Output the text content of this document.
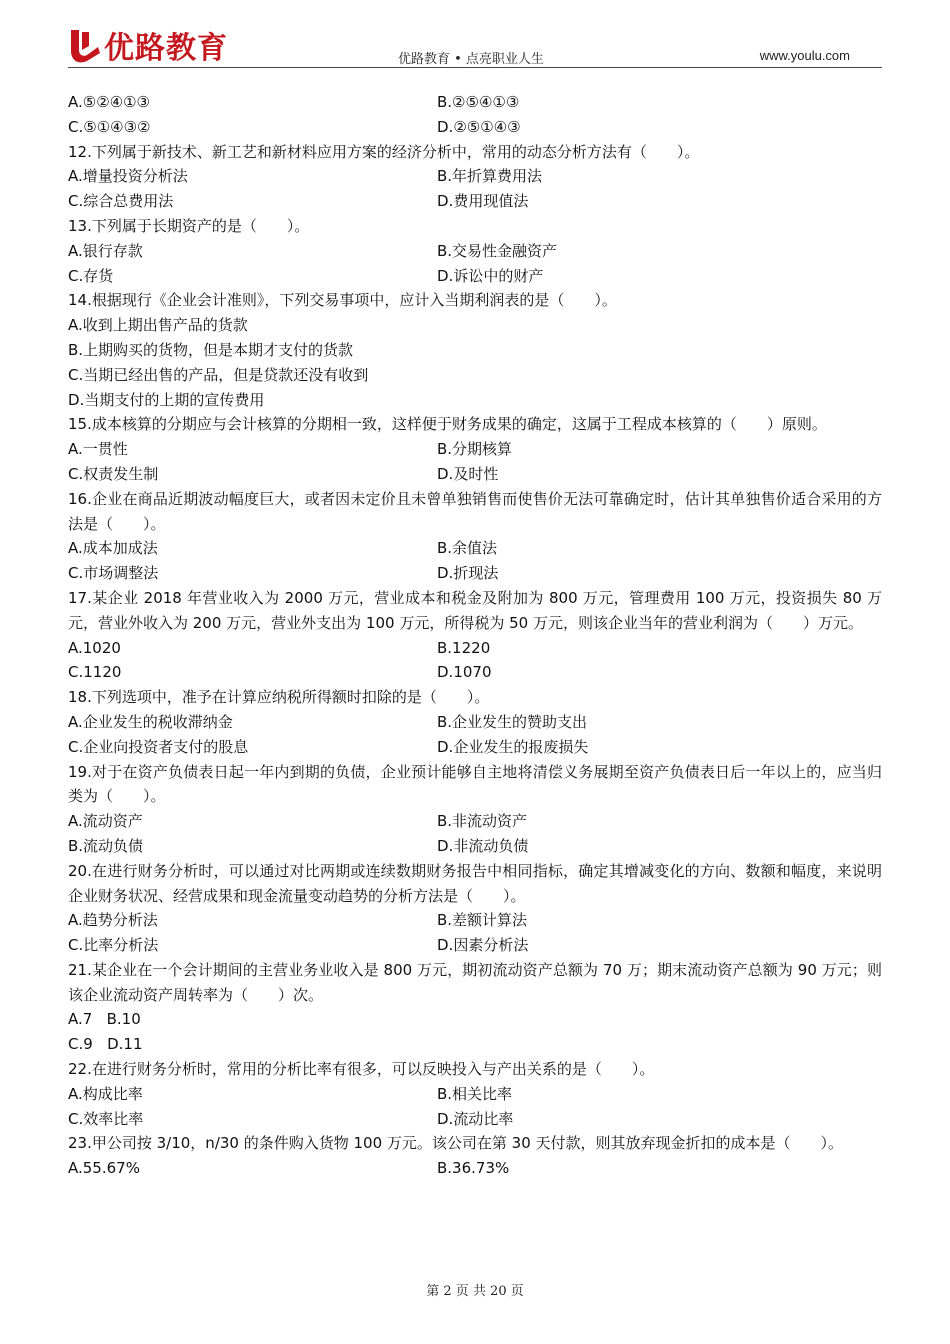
优路教育	优路教育 • 点亮职业人生	www.youlu.com
A.⑤②④①③	B.②⑤④①③
C.⑤①④③②	D.②⑤①④③
12.下列属于新技术、新工艺和新材料应用方案的经济分析中，常用的动态分析方法有（　　）。
A.增量投资分析法	B.年折算费用法
C.综合总费用法	D.费用现值法
13.下列属于长期资产的是（　　）。
A.银行存款	B.交易性金融资产
C.存货	D.诉讼中的财产
14.根据现行《企业会计准则》，下列交易事项中，应计入当期利润表的是（　　）。
A.收到上期出售产品的货款
B.上期购买的货物，但是本期才支付的货款
C.当期已经出售的产品，但是贷款还没有收到
D.当期支付的上期的宣传费用
15.成本核算的分期应与会计核算的分期相一致，这样便于财务成果的确定，这属于工程成本核算的（　　）原则。
A.一贯性	B.分期核算
C.权责发生制	D.及时性
16.企业在商品近期波动幅度巨大，或者因未定价且未曾单独销售而使售价无法可靠确定时，估计其单独售价适合采用的方法是（　　）。
A.成本加成法	B.余值法
C.市场调整法	D.折现法
17.某企业 2018 年营业收入为 2000 万元，营业成本和税金及附加为 800 万元，管理费用 100 万元，投资损失 80 万元，营业外收入为 200 万元，营业外支出为 100 万元，所得税为 50 万元，则该企业当年的营业利润为（　　）万元。
A.1020	B.1220
C.1120	D.1070
18.下列选项中，准予在计算应纳税所得额时扣除的是（　　）。
A.企业发生的税收滞纳金	B.企业发生的赞助支出
C.企业向投资者支付的股息	D.企业发生的报废损失
19.对于在资产负债表日起一年内到期的负债，企业预计能够自主地将清偿义务展期至资产负债表日后一年以上的，应当归类为（　　）。
A.流动资产	B.非流动资产
B.流动负债	D.非流动负债
20.在进行财务分析时，可以通过对比两期或连续数期财务报告中相同指标，确定其增减变化的方向、数额和幅度，来说明企业财务状况、经营成果和现金流量变动趋势的分析方法是（　　）。
A.趋势分析法	B.差额计算法
C.比率分析法	D.因素分析法
21.某企业在一个会计期间的主营业务业收入是 800 万元，期初流动资产总额为 70 万；期末流动资产总额为 90 万元；则该企业流动资产周转率为（　　）次。
A.7   B.10
C.9   D.11
22.在进行财务分析时，常用的分析比率有很多，可以反映投入与产出关系的是（　　）。
A.构成比率	B.相关比率
C.效率比率	D.流动比率
23.甲公司按 3/10，n/30 的条件购入货物 100 万元。该公司在第 30 天付款，则其放弃现金折扣的成本是（　　）。
A.55.67%	B.36.73%
第 2 页 共 20 页
